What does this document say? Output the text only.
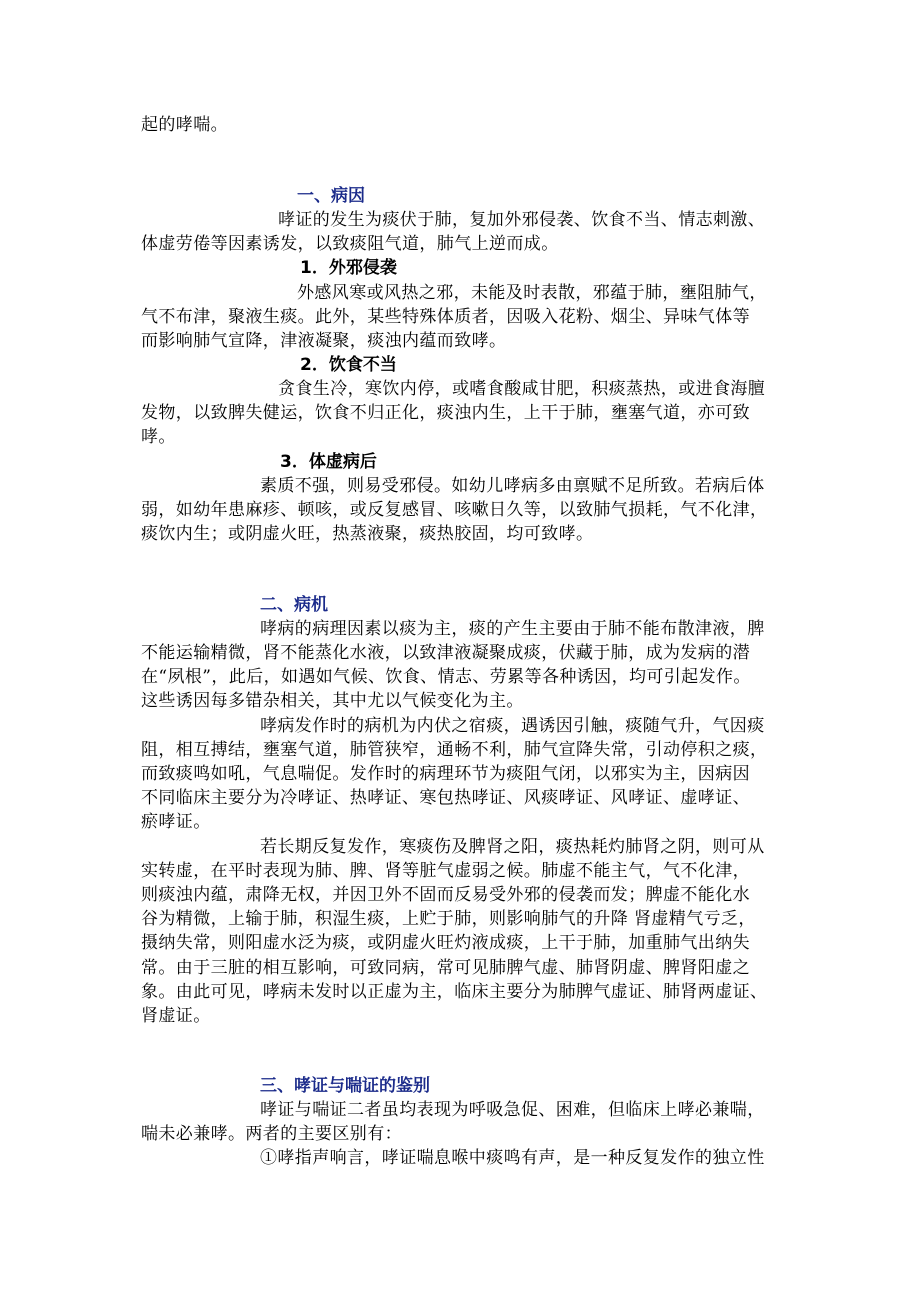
起的哮喘。
一、病因
哮证的发生为痰伏于肺，复加外邪侵袭、饮食不当、情志刺激、
体虚劳倦等因素诱发，以致痰阻气道，肺气上逆而成。
1．外邪侵袭
外感风寒或风热之邪，未能及时表散，邪蕴于肺，壅阻肺气，
气不布津，聚液生痰。此外，某些特殊体质者，因吸入花粉、烟尘、异味气体等
而影响肺气宣降，津液凝聚，痰浊内蕴而致哮。
2．饮食不当
贪食生冷，寒饮内停，或嗜食酸咸甘肥，积痰蒸热，或进食海膻
发物，以致脾失健运，饮食不归正化，痰浊内生，上干于肺，壅塞气道，亦可致
哮。
3．体虚病后
素质不强，则易受邪侵。如幼儿哮病多由禀赋不足所致。若病后体
弱，如幼年患麻疹、顿咳，或反复感冒、咳嗽日久等，以致肺气损耗，气不化津，
痰饮内生；或阴虚火旺，热蒸液聚，痰热胶固，均可致哮。
二、病机
哮病的病理因素以痰为主，痰的产生主要由于肺不能布散津液，脾
不能运输精微，肾不能蒸化水液，以致津液凝聚成痰，伏藏于肺，成为发病的潜
在“夙根”，此后，如遇如气候、饮食、情志、劳累等各种诱因，均可引起发作。
这些诱因每多错杂相关，其中尤以气候变化为主。
哮病发作时的病机为内伏之宿痰，遇诱因引触，痰随气升，气因痰
阻，相互搏结，壅塞气道，肺管狭窄，通畅不利，肺气宣降失常，引动停积之痰，
而致痰鸣如吼，气息喘促。发作时的病理环节为痰阻气闭，以邪实为主，因病因
不同临床主要分为冷哮证、热哮证、寒包热哮证、风痰哮证、风哮证、虚哮证、
瘀哮证。
若长期反复发作，寒痰伤及脾肾之阳，痰热耗灼肺肾之阴，则可从
实转虚，在平时表现为肺、脾、肾等脏气虚弱之候。肺虚不能主气，气不化津，
则痰浊内蕴，肃降无权，并因卫外不固而反易受外邪的侵袭而发；脾虚不能化水
谷为精微，上输于肺，积湿生痰，上贮于肺，则影响肺气的升降 肾虚精气亏乏，
摄纳失常，则阳虚水泛为痰，或阴虚火旺灼液成痰，上干于肺，加重肺气出纳失
常。由于三脏的相互影响，可致同病，常可见肺脾气虚、肺肾阴虚、脾肾阳虚之
象。由此可见，哮病未发时以正虚为主，临床主要分为肺脾气虚证、肺肾两虚证、
肾虚证。
三、哮证与喘证的鉴别
哮证与喘证二者虽均表现为呼吸急促、困难，但临床上哮必兼喘，
喘未必兼哮。两者的主要区别有：
①哮指声响言，哮证喘息喉中痰鸣有声，是一种反复发作的独立性
